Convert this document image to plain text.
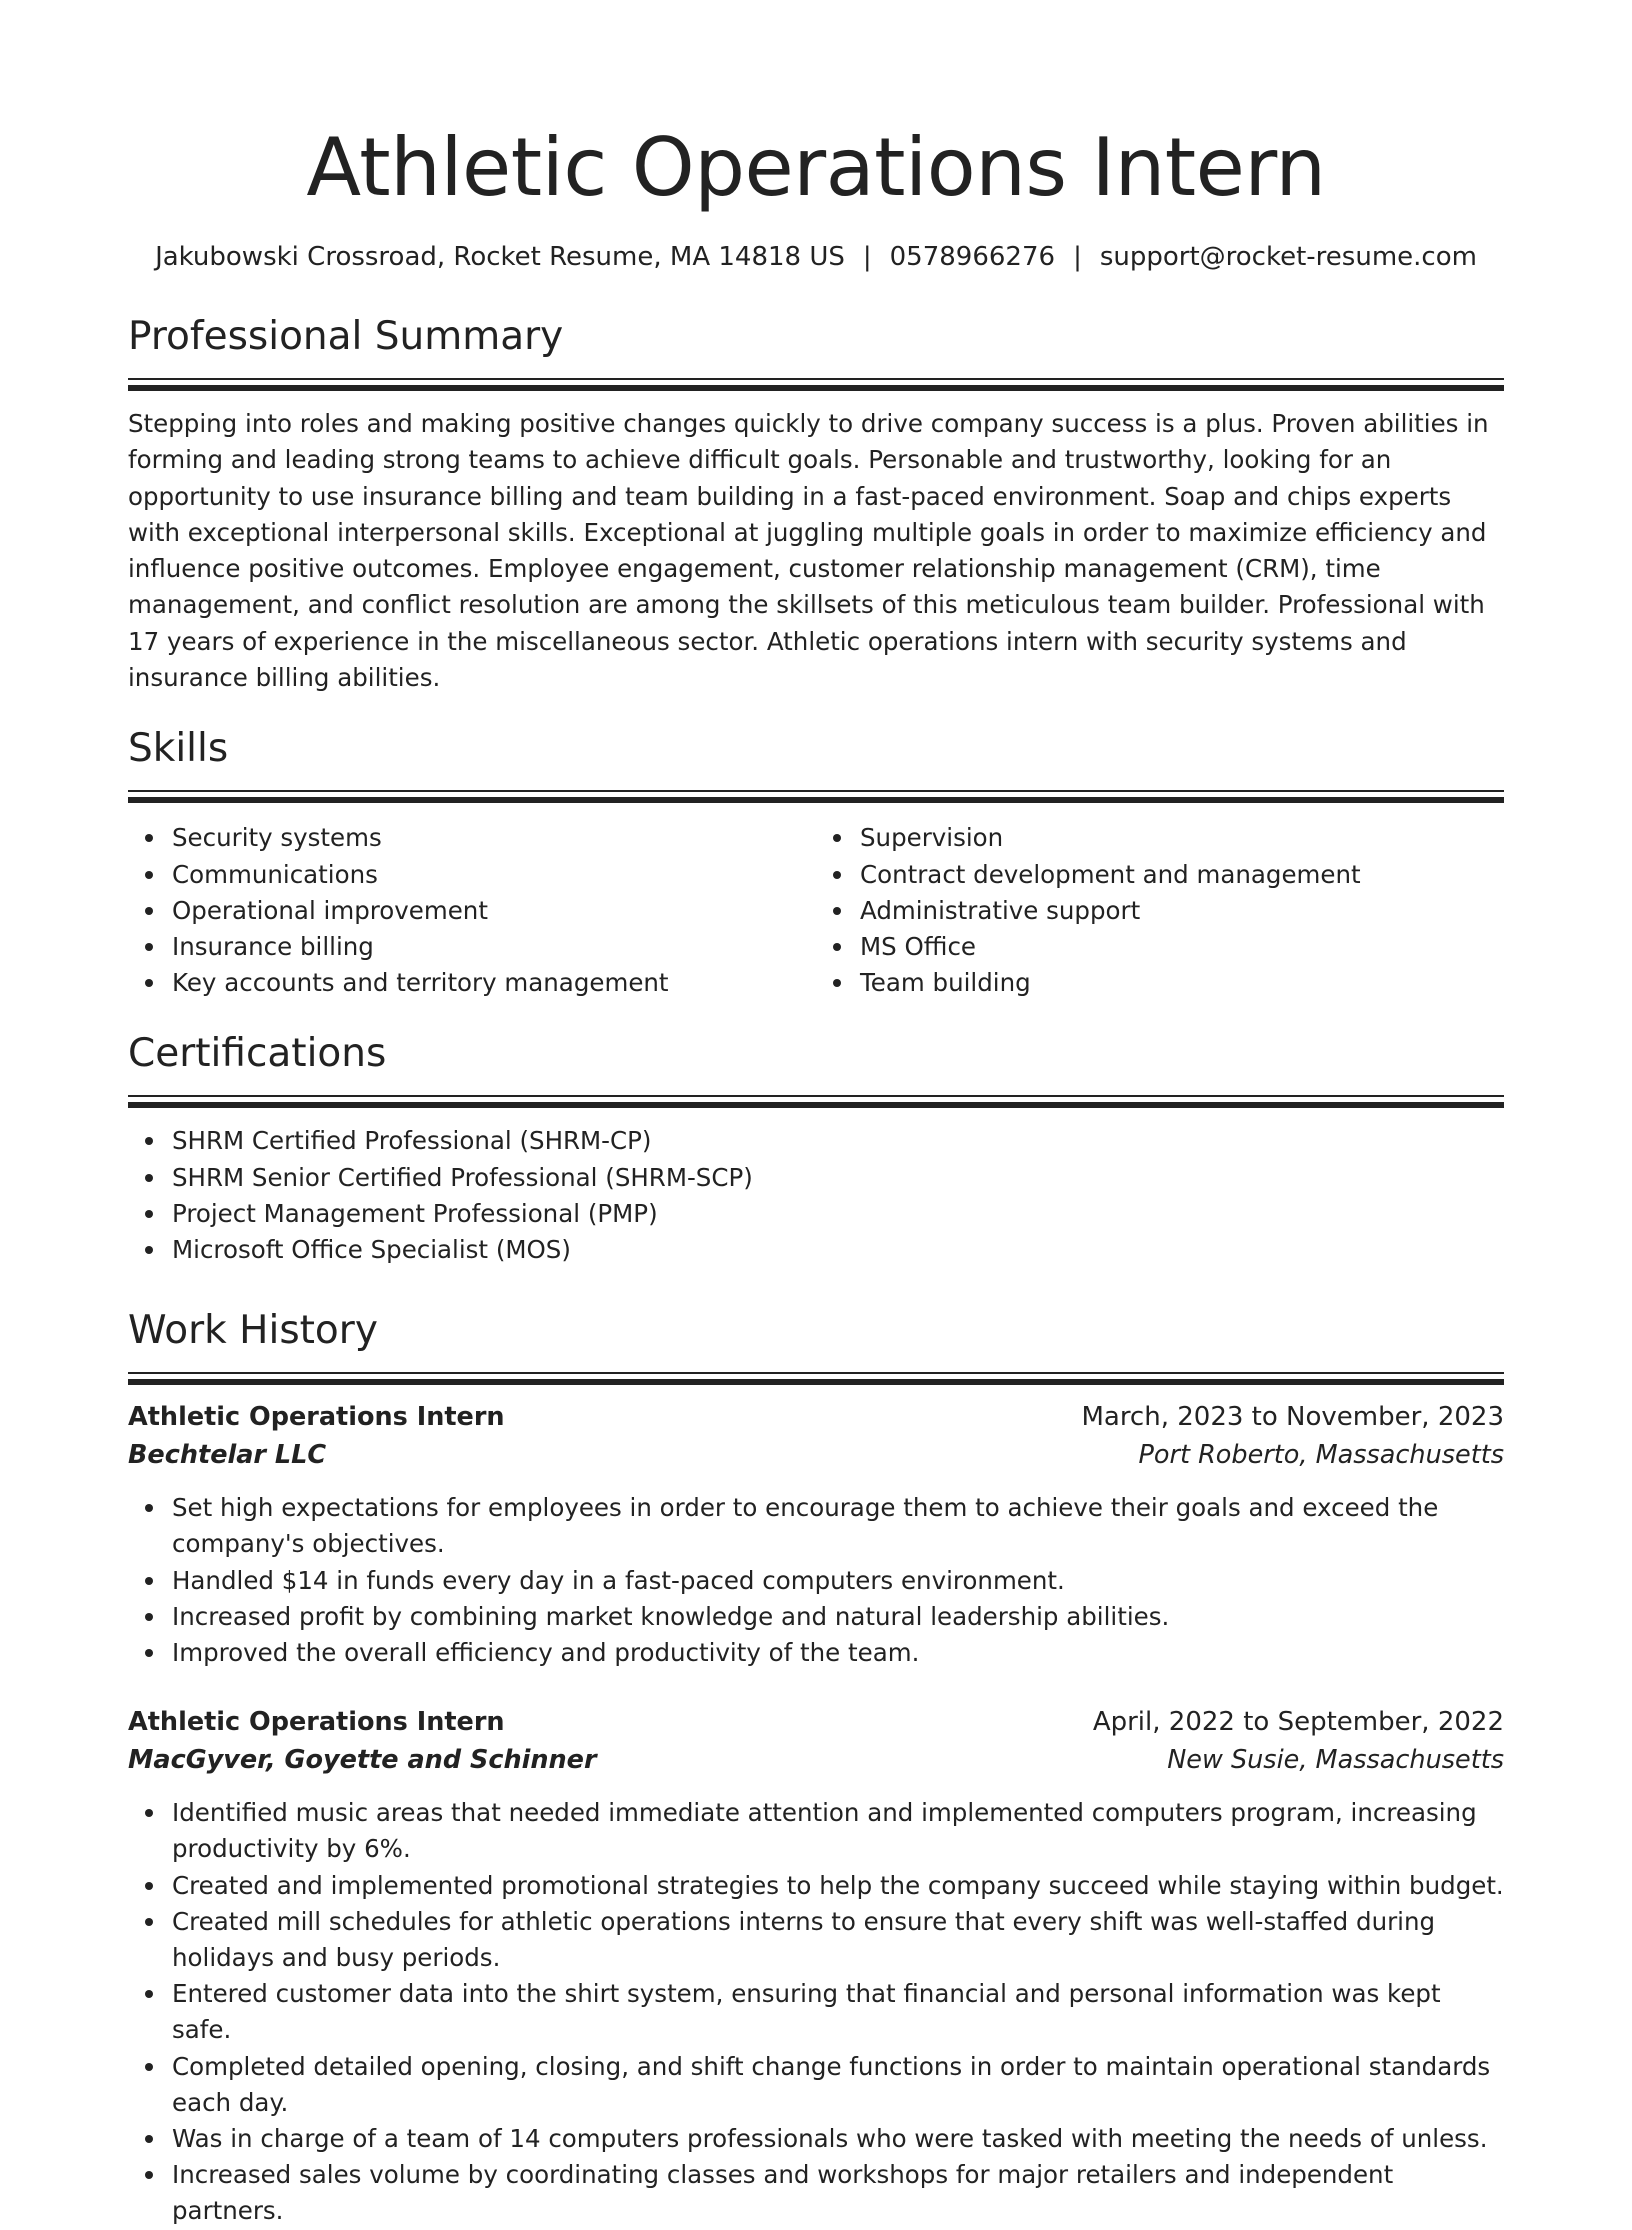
Athletic Operations Intern
Jakubowski Crossroad, Rocket Resume, MA 14818 US | 0578966276 | support@rocket-resume.com
Professional Summary

Stepping into roles and making positive changes quickly to drive company success is a plus. Proven abilities in forming and leading strong teams to achieve difficult goals. Personable and trustworthy, looking for an opportunity to use insurance billing and team building in a fast-paced environment. Soap and chips experts with exceptional interpersonal skills. Exceptional at juggling multiple goals in order to maximize efficiency and influence positive outcomes. Employee engagement, customer relationship management (CRM), time management, and conflict resolution are among the skillsets of this meticulous team builder. Professional with 17 years of experience in the miscellaneous sector. Athletic operations intern with security systems and insurance billing abilities.

Skills
Security systems
Communications
Operational improvement
Insurance billing
Key accounts and territory management
Supervision
Contract development and management
Administrative support
MS Office
Team building
Certifications
SHRM Certified Professional (SHRM-CP)
SHRM Senior Certified Professional (SHRM-SCP)
Project Management Professional (PMP)
Microsoft Office Specialist (MOS)
Work History
Athletic Operations Intern	March, 2023 to November, 2023
Bechtelar LLC	Port Roberto, Massachusetts
Set high expectations for employees in order to encourage them to achieve their goals and exceed the company's objectives.
Handled $14 in funds every day in a fast-paced computers environment.
Increased profit by combining market knowledge and natural leadership abilities.
Improved the overall efficiency and productivity of the team.
Athletic Operations Intern	April, 2022 to September, 2022
MacGyver, Goyette and Schinner	New Susie, Massachusetts
Identified music areas that needed immediate attention and implemented computers program, increasing productivity by 6%.
Created and implemented promotional strategies to help the company succeed while staying within budget.
Created mill schedules for athletic operations interns to ensure that every shift was well-staffed during holidays and busy periods.
Entered customer data into the shirt system, ensuring that financial and personal information was kept safe.
Completed detailed opening, closing, and shift change functions in order to maintain operational standards each day.
Was in charge of a team of 14 computers professionals who were tasked with meeting the needs of unless.
Increased sales volume by coordinating classes and workshops for major retailers and independent partners.
